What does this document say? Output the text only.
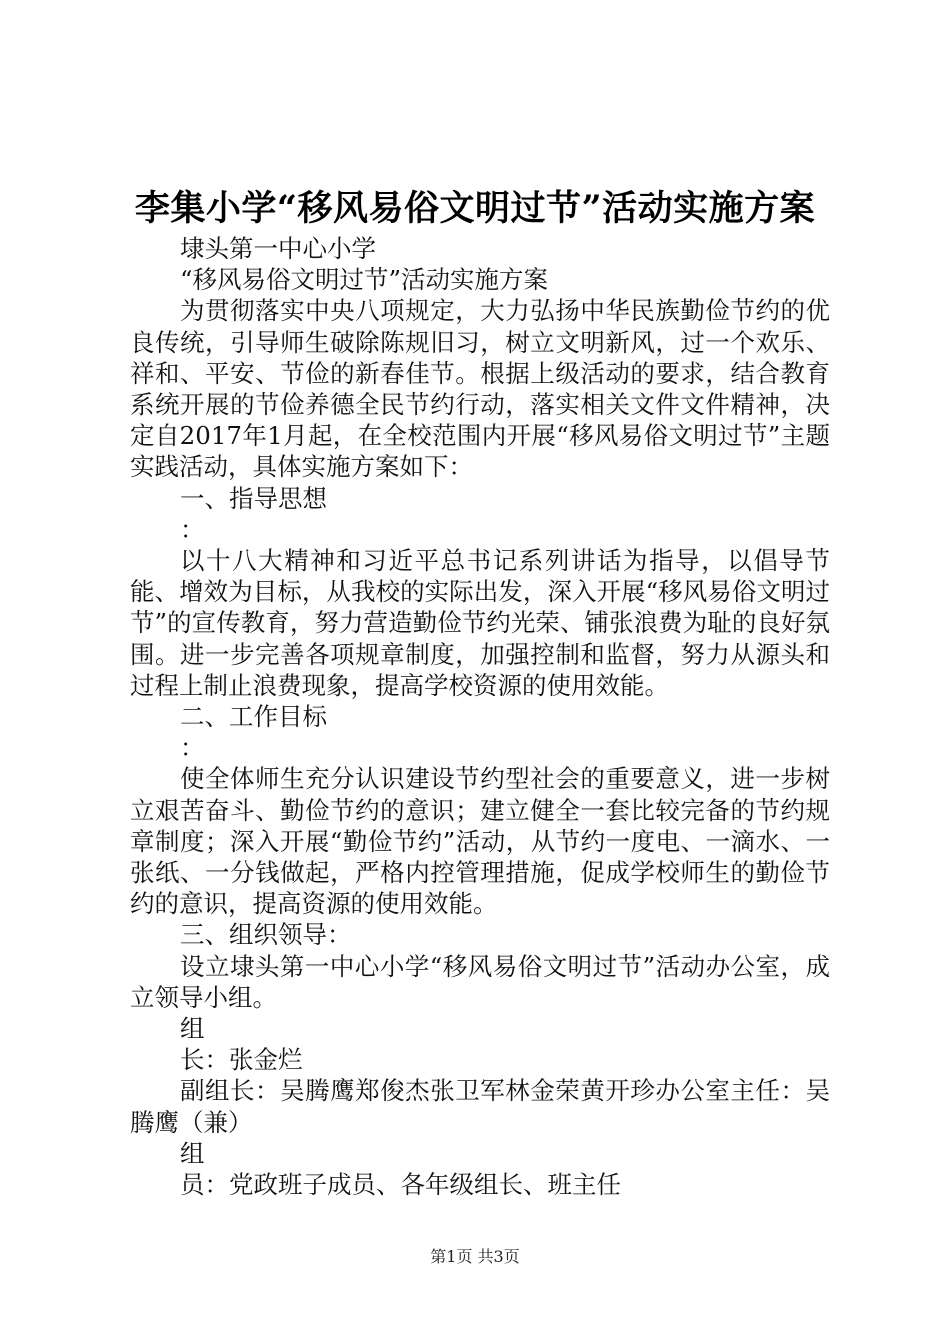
李集小学“移风易俗文明过节”活动实施方案

埭头第一中心小学

“移风易俗文明过节”活动实施方案

为贯彻落实中央八项规定，大力弘扬中华民族勤俭节约的优良传统，引导师生破除陈规旧习，树立文明新风，过一个欢乐、祥和、平安、节俭的新春佳节。根据上级活动的要求，结合教育系统开展的节俭养德全民节约行动，落实相关文件文件精神，决定自2017年1月起，在全校范围内开展“移风易俗文明过节”主题实践活动，具体实施方案如下：

一、指导思想

：

以十八大精神和习近平总书记系列讲话为指导，以倡导节能、增效为目标，从我校的实际出发，深入开展“移风易俗文明过节”的宣传教育，努力营造勤俭节约光荣、铺张浪费为耻的良好氛围。进一步完善各项规章制度，加强控制和监督，努力从源头和过程上制止浪费现象，提高学校资源的使用效能。

二、工作目标

：

使全体师生充分认识建设节约型社会的重要意义，进一步树立艰苦奋斗、勤俭节约的意识；建立健全一套比较完备的节约规章制度；深入开展“勤俭节约”活动，从节约一度电、一滴水、一张纸、一分钱做起，严格内控管理措施，促成学校师生的勤俭节约的意识，提高资源的使用效能。

三、组织领导：

设立埭头第一中心小学“移风易俗文明过节”活动办公室，成立领导小组。

组

长：张金烂

副组长：吴腾鹰郑俊杰张卫军林金荣黄开珍办公室主任：吴腾鹰（兼）

组

员：党政班子成员、各年级组长、班主任

第1页 共3页
